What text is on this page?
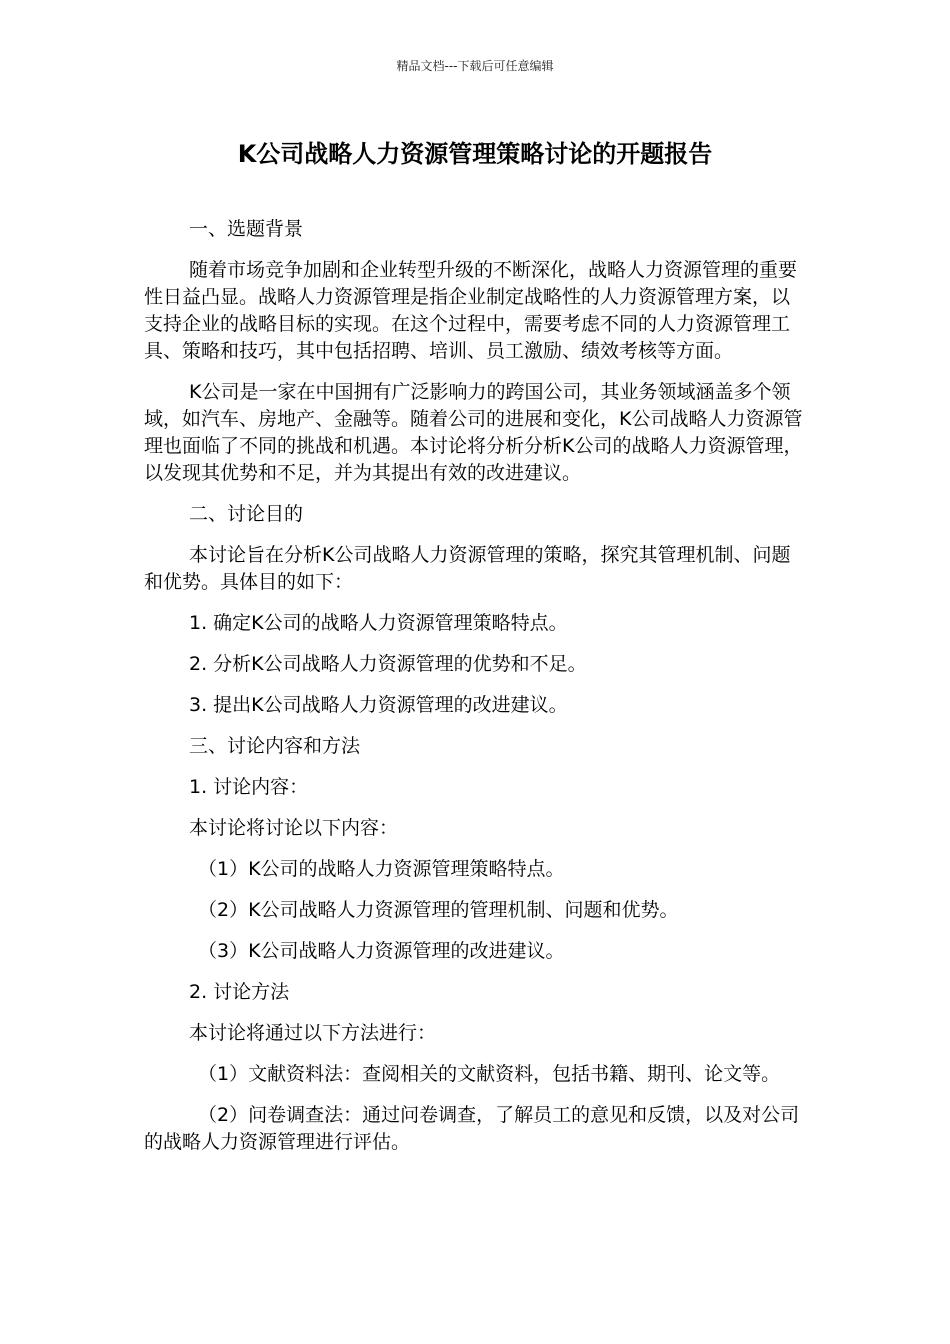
精品文档---下载后可任意编辑
K公司战略人力资源管理策略讨论的开题报告

一、选题背景

随着市场竞争加剧和企业转型升级的不断深化，战略人力资源管理的重要性日益凸显。战略人力资源管理是指企业制定战略性的人力资源管理方案，以支持企业的战略目标的实现。在这个过程中，需要考虑不同的人力资源管理工具、策略和技巧，其中包括招聘、培训、员工激励、绩效考核等方面。

K公司是一家在中国拥有广泛影响力的跨国公司，其业务领域涵盖多个领域，如汽车、房地产、金融等。随着公司的进展和变化，K公司战略人力资源管理也面临了不同的挑战和机遇。本讨论将分析分析K公司的战略人力资源管理，以发现其优势和不足，并为其提出有效的改进建议。

二、讨论目的

本讨论旨在分析K公司战略人力资源管理的策略，探究其管理机制、问题和优势。具体目的如下：

1. 确定K公司的战略人力资源管理策略特点。

2. 分析K公司战略人力资源管理的优势和不足。

3. 提出K公司战略人力资源管理的改进建议。

三、讨论内容和方法

1. 讨论内容：

本讨论将讨论以下内容：

（1）K公司的战略人力资源管理策略特点。

（2）K公司战略人力资源管理的管理机制、问题和优势。

（3）K公司战略人力资源管理的改进建议。

2. 讨论方法

本讨论将通过以下方法进行：

（1）文献资料法：查阅相关的文献资料，包括书籍、期刊、论文等。

（2）问卷调查法：通过问卷调查，了解员工的意见和反馈，以及对公司的战略人力资源管理进行评估。
